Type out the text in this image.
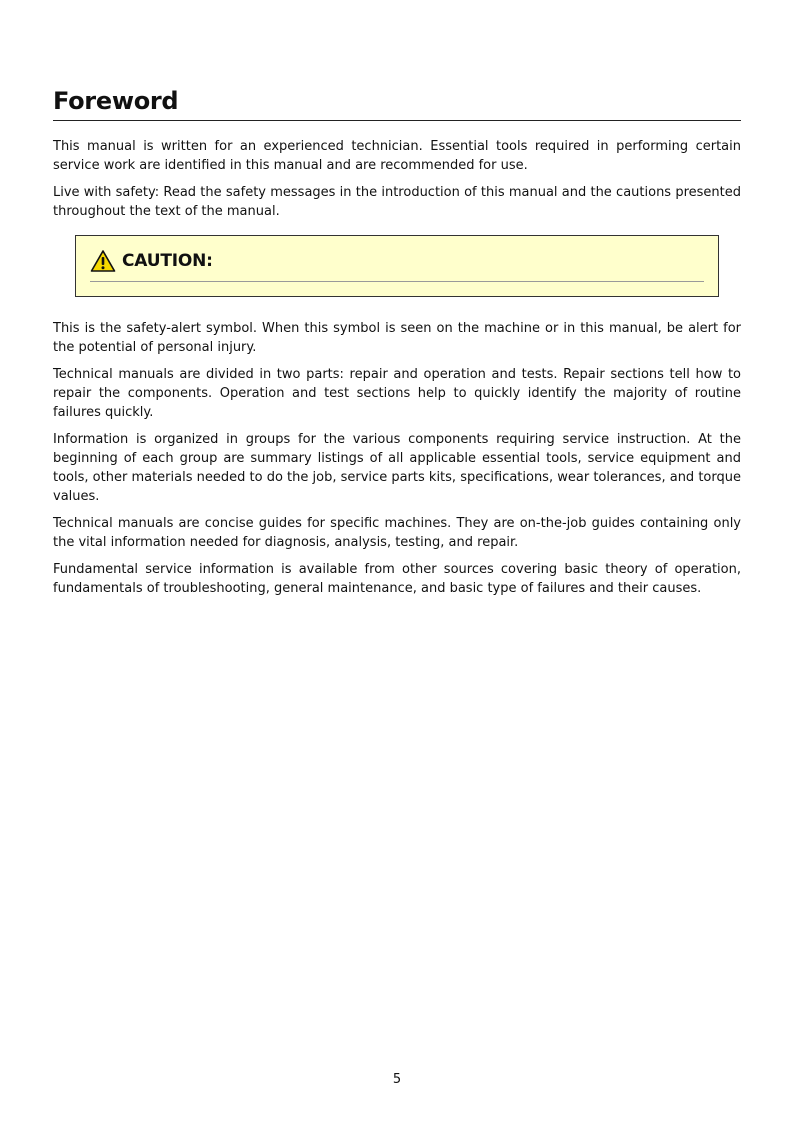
Foreword

This manual is written for an experienced technician. Essential tools required in performing certain service work are identified in this manual and are recommended for use.

Live with safety: Read the safety messages in the introduction of this manual and the cautions presented throughout the text of the manual.

CAUTION:

This is the safety-alert symbol. When this symbol is seen on the machine or in this manual, be alert for the potential of personal injury.

Technical manuals are divided in two parts: repair and operation and tests. Repair sections tell how to repair the components. Operation and test sections help to quickly identify the majority of routine failures quickly.

Information is organized in groups for the various components requiring service instruction. At the beginning of each group are summary listings of all applicable essential tools, service equipment and tools, other materials needed to do the job, service parts kits, specifications, wear tolerances, and torque values.

Technical manuals are concise guides for specific machines. They are on-the-job guides containing only the vital information needed for diagnosis, analysis, testing, and repair.

Fundamental service information is available from other sources covering basic theory of operation, fundamentals of troubleshooting, general maintenance, and basic type of failures and their causes.

5
